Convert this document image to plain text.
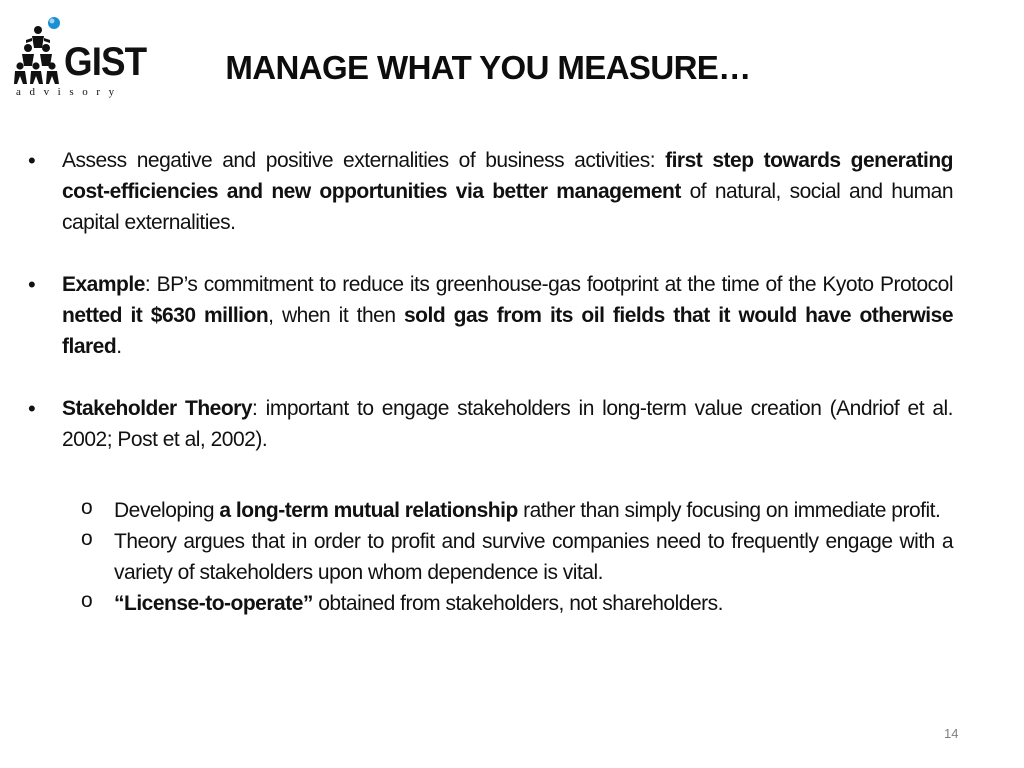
GIST
advisory
MANAGE WHAT YOU MEASURE…

• Assess negative and positive externalities of business activities: first step towards generating cost-efficiencies and new opportunities via better management of natural, social and human capital externalities.

• Example: BP’s commitment to reduce its greenhouse-gas footprint at the time of the Kyoto Protocol netted it $630 million, when it then sold gas from its oil fields that it would have otherwise flared.

• Stakeholder Theory: important to engage stakeholders in long-term value creation (Andriof et al. 2002; Post et al, 2002).

o Developing a long-term mutual relationship rather than simply focusing on immediate profit.

o Theory argues that in order to profit and survive companies need to frequently engage with a variety of stakeholders upon whom dependence is vital.

o “License-to-operate” obtained from stakeholders, not shareholders.

14
